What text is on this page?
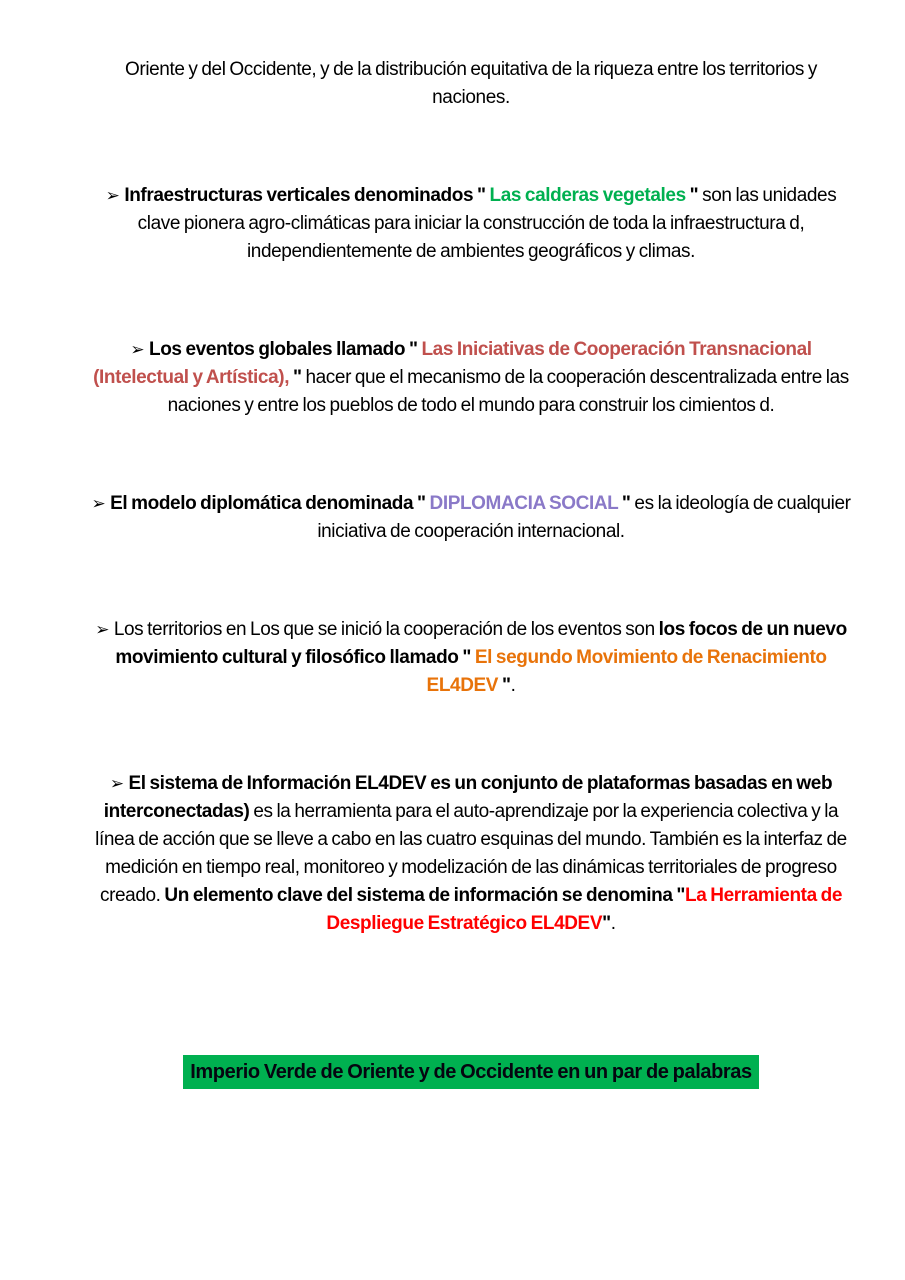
Oriente y del Occidente, y de la distribución equitativa de la riqueza entre los territorios y naciones.

➢ Infraestructuras verticales denominados " Las calderas vegetales " son las unidades clave pionera agro-climáticas para iniciar la construcción de toda la infraestructura d, independientemente de ambientes geográficos y climas.

➢ Los eventos globales llamado " Las Iniciativas de Cooperación Transnacional (Intelectual y Artística), " hacer que el mecanismo de la cooperación descentralizada entre las naciones y entre los pueblos de todo el mundo para construir los cimientos d.

➢ El modelo diplomática denominada " DIPLOMACIA SOCIAL " es la ideología de cualquier iniciativa de cooperación internacional.

➢ Los territorios en Los que se inició la cooperación de los eventos son los focos de un nuevo movimiento cultural y filosófico llamado " El segundo Movimiento de Renacimiento EL4DEV ".

➢ El sistema de Información EL4DEV es un conjunto de plataformas basadas en web interconectadas) es la herramienta para el auto-aprendizaje por la experiencia colectiva y la línea de acción que se lleve a cabo en las cuatro esquinas del mundo. También es la interfaz de medición en tiempo real, monitoreo y modelización de las dinámicas territoriales de progreso creado. Un elemento clave del sistema de información se denomina "La Herramienta de Despliegue Estratégico EL4DEV".

Imperio Verde de Oriente y de Occidente en un par de palabras
